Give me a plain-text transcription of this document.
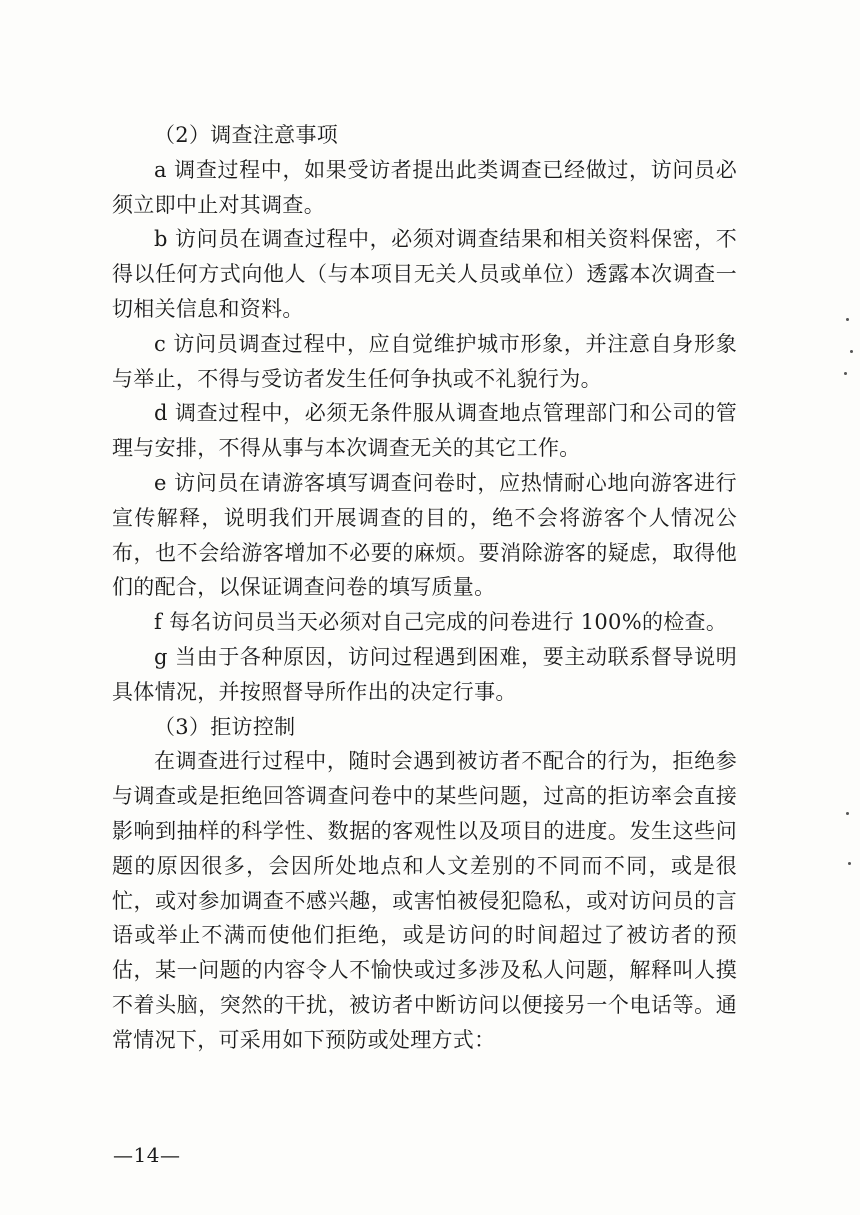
（2）调查注意事项

a 调查过程中，如果受访者提出此类调查已经做过，访问员必须立即中止对其调查。

b 访问员在调查过程中，必须对调查结果和相关资料保密，不得以任何方式向他人（与本项目无关人员或单位）透露本次调查一切相关信息和资料。

c 访问员调查过程中，应自觉维护城市形象，并注意自身形象与举止，不得与受访者发生任何争执或不礼貌行为。

d 调查过程中，必须无条件服从调查地点管理部门和公司的管理与安排，不得从事与本次调查无关的其它工作。

e 访问员在请游客填写调查问卷时，应热情耐心地向游客进行宣传解释，说明我们开展调查的目的，绝不会将游客个人情况公布，也不会给游客增加不必要的麻烦。要消除游客的疑虑，取得他们的配合，以保证调查问卷的填写质量。

f 每名访问员当天必须对自己完成的问卷进行 100%的检查。

g 当由于各种原因，访问过程遇到困难，要主动联系督导说明具体情况，并按照督导所作出的决定行事。

（3）拒访控制

在调查进行过程中，随时会遇到被访者不配合的行为，拒绝参与调查或是拒绝回答调查问卷中的某些问题，过高的拒访率会直接影响到抽样的科学性、数据的客观性以及项目的进度。发生这些问题的原因很多，会因所处地点和人文差别的不同而不同，或是很忙，或对参加调查不感兴趣，或害怕被侵犯隐私，或对访问员的言语或举止不满而使他们拒绝，或是访问的时间超过了被访者的预估，某一问题的内容令人不愉快或过多涉及私人问题，解释叫人摸不着头脑，突然的干扰，被访者中断访问以便接另一个电话等。通常情况下，可采用如下预防或处理方式：

—14—
